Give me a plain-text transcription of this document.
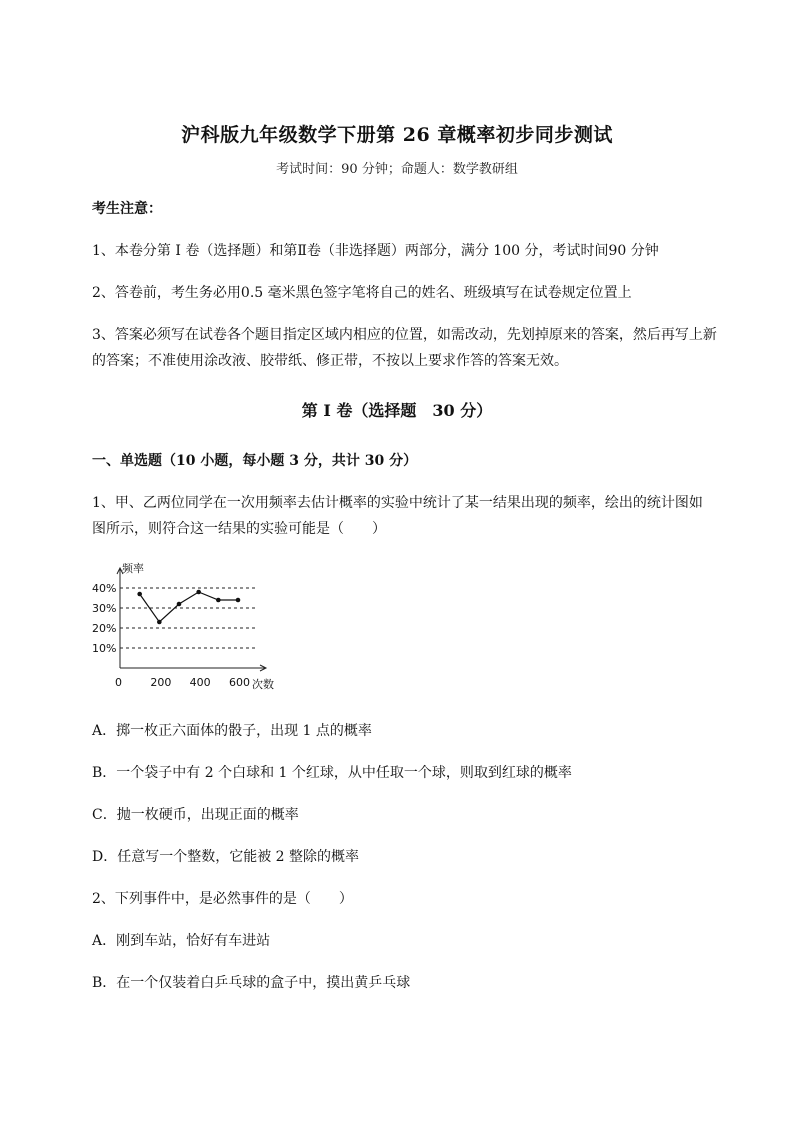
沪科版九年级数学下册第 26 章概率初步同步测试
考试时间：90 分钟；命题人：数学教研组
考生注意：
1、本卷分第 I 卷（选择题）和第Ⅱ卷（非选择题）两部分，满分 100 分，考试时间90 分钟
2、答卷前，考生务必用0.5 毫米黑色签字笔将自己的姓名、班级填写在试卷规定位置上
3、答案必须写在试卷各个题目指定区域内相应的位置，如需改动，先划掉原来的答案，然后再写上新
的答案；不准使用涂改液、胶带纸、修正带，不按以上要求作答的答案无效。
第 I 卷（选择题　30 分）
一、单选题（10 小题，每小题 3 分，共计 30 分）
1、甲、乙两位同学在一次用频率去估计概率的实验中统计了某一结果出现的频率，绘出的统计图如
图所示，则符合这一结果的实验可能是（　　）
40%
30%
20%
10%
0	200 400 600
频率
次数
A．掷一枚正六面体的骰子，出现 1 点的概率
B．一个袋子中有 2 个白球和 1 个红球，从中任取一个球，则取到红球的概率
C．抛一枚硬币，出现正面的概率
D．任意写一个整数，它能被 2 整除的概率
2、下列事件中，是必然事件的是（　　）
A．刚到车站，恰好有车进站
B．在一个仅装着白乒乓球的盒子中，摸出黄乒乓球
